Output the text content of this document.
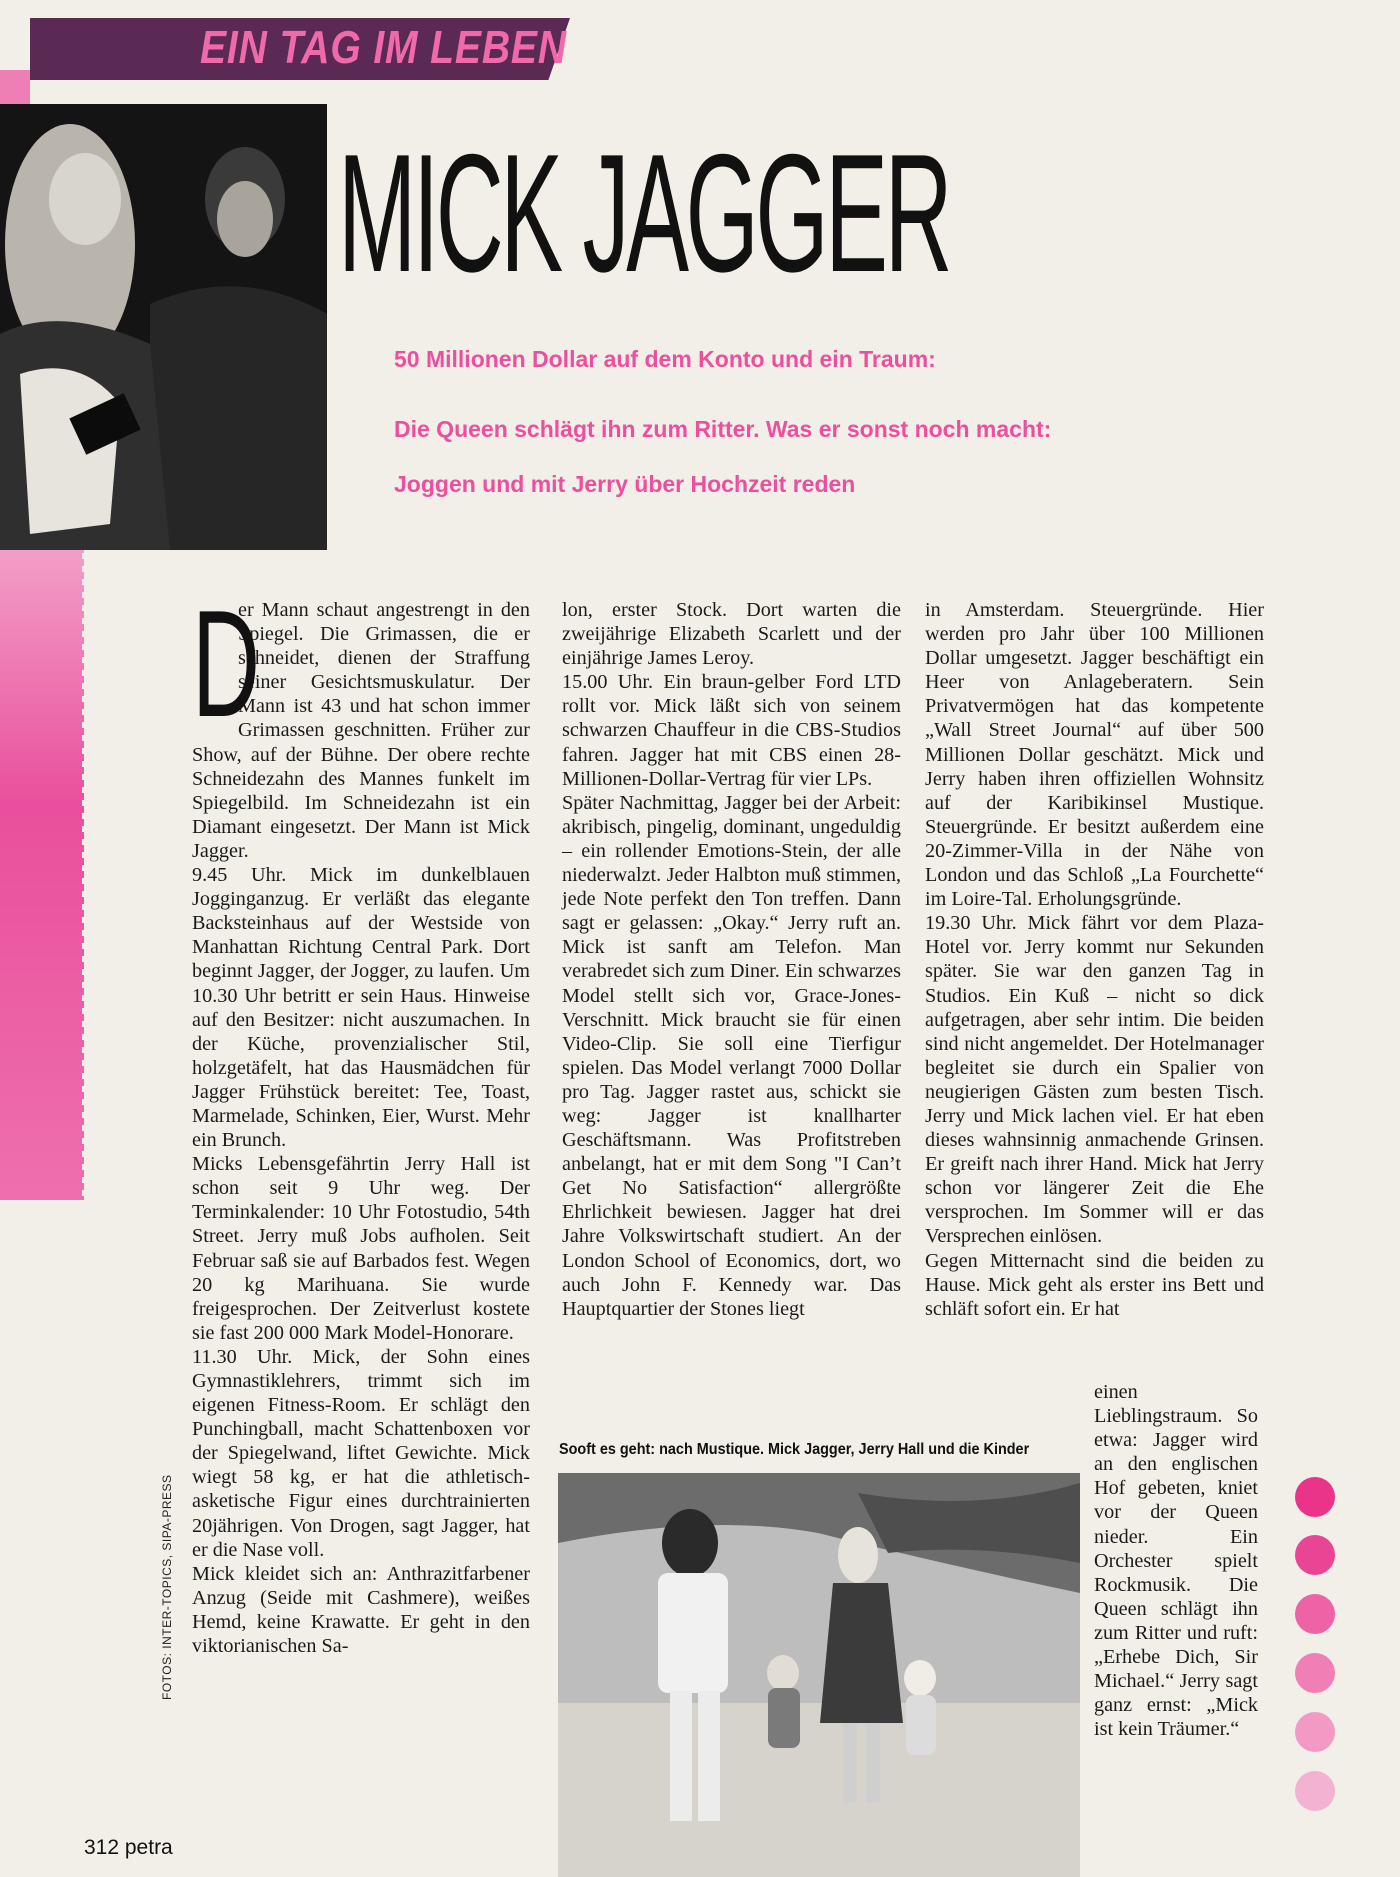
EIN TAG IM LEBEN
MICK JAGGER
50 Millionen Dollar auf dem Konto und ein Traum:
Die Queen schlägt ihn zum Ritter. Was er sonst noch macht:
Joggen und mit Jerry über Hochzeit reden
D

er Mann schaut angestrengt in den Spiegel. Die Grimassen, die er schneidet, dienen der Straffung seiner Gesichtsmuskulatur. Der Mann ist 43 und hat schon immer Grimassen geschnitten. Früher zur Show, auf der Bühne. Der obere rechte Schneidezahn des Mannes funkelt im Spiegelbild. Im Schneidezahn ist ein Diamant eingesetzt. Der Mann ist Mick Jagger.

9.45 Uhr. Mick im dunkelblauen Jogginganzug. Er verläßt das elegante Backsteinhaus auf der Westside von Manhattan Richtung Central Park. Dort beginnt Jagger, der Jogger, zu laufen. Um 10.30 Uhr betritt er sein Haus. Hinweise auf den Besitzer: nicht auszumachen. In der Küche, provenzialischer Stil, holzgetäfelt, hat das Hausmädchen für Jagger Frühstück bereitet: Tee, Toast, Marmelade, Schinken, Eier, Wurst. Mehr ein Brunch.

Micks Lebensgefährtin Jerry Hall ist schon seit 9 Uhr weg. Der Terminkalender: 10 Uhr Fotostudio, 54th Street. Jerry muß Jobs aufholen. Seit Februar saß sie auf Barbados fest. Wegen 20 kg Marihuana. Sie wurde freigesprochen. Der Zeitverlust kostete sie fast 200 000 Mark Model-Honorare.

11.30 Uhr. Mick, der Sohn eines Gymnastiklehrers, trimmt sich im eigenen Fitness-Room. Er schlägt den Punchingball, macht Schattenboxen vor der Spiegelwand, liftet Gewichte. Mick wiegt 58 kg, er hat die athletisch-asketische Figur eines durchtrainierten 20jährigen. Von Drogen, sagt Jagger, hat er die Nase voll.

Mick kleidet sich an: Anthrazitfarbener Anzug (Seide mit Cashmere), weißes Hemd, keine Krawatte. Er geht in den viktorianischen Sa-

lon, erster Stock. Dort warten die zweijährige Elizabeth Scarlett und der einjährige James Leroy.

15.00 Uhr. Ein braun-gelber Ford LTD rollt vor. Mick läßt sich von seinem schwarzen Chauffeur in die CBS-Studios fahren. Jagger hat mit CBS einen 28-Millionen-Dollar-Vertrag für vier LPs.

Später Nachmittag, Jagger bei der Arbeit: akribisch, pingelig, dominant, ungeduldig – ein rollender Emotions-Stein, der alle niederwalzt. Jeder Halbton muß stimmen, jede Note perfekt den Ton treffen. Dann sagt er gelassen: „Okay.“ Jerry ruft an. Mick ist sanft am Telefon. Man verabredet sich zum Diner. Ein schwarzes Model stellt sich vor, Grace-Jones-Verschnitt. Mick braucht sie für einen Video-Clip. Sie soll eine Tierfigur spielen. Das Model verlangt 7000 Dollar pro Tag. Jagger rastet aus, schickt sie weg: Jagger ist knallharter Geschäftsmann. Was Profitstreben anbelangt, hat er mit dem Song "I Can’t Get No Satisfaction“ allergrößte Ehrlichkeit bewiesen. Jagger hat drei Jahre Volkswirtschaft studiert. An der London School of Economics, dort, wo auch John F. Kennedy war. Das Hauptquartier der Stones liegt

in Amsterdam. Steuergründe. Hier werden pro Jahr über 100 Millionen Dollar umgesetzt. Jagger beschäftigt ein Heer von Anlageberatern. Sein Privatvermögen hat das kompetente „Wall Street Journal“ auf über 500 Millionen Dollar geschätzt. Mick und Jerry haben ihren offiziellen Wohnsitz auf der Karibikinsel Mustique. Steuergründe. Er besitzt außerdem eine 20-Zimmer-Villa in der Nähe von London und das Schloß „La Fourchette“ im Loire-Tal. Erholungsgründe.

19.30 Uhr. Mick fährt vor dem Plaza-Hotel vor. Jerry kommt nur Sekunden später. Sie war den ganzen Tag in Studios. Ein Kuß – nicht so dick aufgetragen, aber sehr intim. Die beiden sind nicht angemeldet. Der Hotelmanager begleitet sie durch ein Spalier von neugierigen Gästen zum besten Tisch. Jerry und Mick lachen viel. Er hat eben dieses wahnsinnig anmachende Grinsen. Er greift nach ihrer Hand. Mick hat Jerry schon vor längerer Zeit die Ehe versprochen. Im Sommer will er das Versprechen einlösen.

Gegen Mitternacht sind die beiden zu Hause. Mick geht als erster ins Bett und schläft sofort ein. Er hat

einen Lieblingstraum. So etwa: Jagger wird an den englischen Hof gebeten, kniet vor der Queen nieder. Ein Orchester spielt Rockmusik. Die Queen schlägt ihn zum Ritter und ruft: „Erhebe Dich, Sir Michael.“ Jerry sagt ganz ernst: „Mick ist kein Träumer.“

Sooft es geht: nach Mustique. Mick Jagger, Jerry Hall und die Kinder
FOTOS: INTER-TOPICS, SIPA-PRESS
312 petra
